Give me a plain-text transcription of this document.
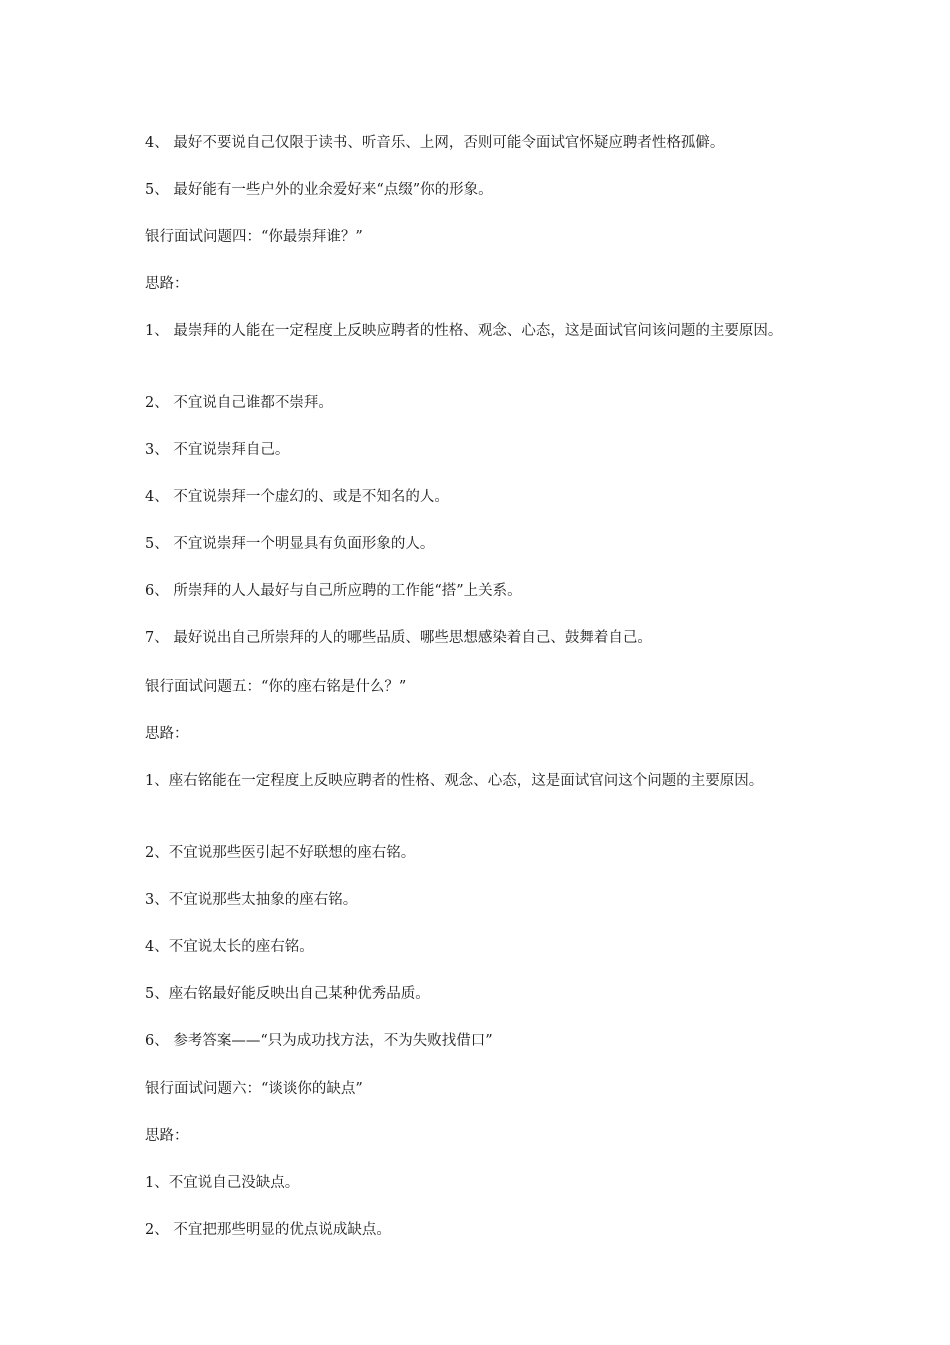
4、 最好不要说自己仅限于读书、听音乐、上网，否则可能令面试官怀疑应聘者性格孤僻。

5、 最好能有一些户外的业余爱好来“点缀”你的形象。

银行面试问题四：“你最崇拜谁？”

思路：

1、 最崇拜的人能在一定程度上反映应聘者的性格、观念、心态，这是面试官问该问题的主要原因。

2、 不宜说自己谁都不崇拜。

3、 不宜说崇拜自己。

4、 不宜说崇拜一个虚幻的、或是不知名的人。

5、 不宜说崇拜一个明显具有负面形象的人。

6、 所崇拜的人人最好与自己所应聘的工作能“搭”上关系。

7、 最好说出自己所崇拜的人的哪些品质、哪些思想感染着自己、鼓舞着自己。

银行面试问题五：“你的座右铭是什么？”

思路：

1、座右铭能在一定程度上反映应聘者的性格、观念、心态，这是面试官问这个问题的主要原因。

2、不宜说那些医引起不好联想的座右铭。

3、不宜说那些太抽象的座右铭。

4、不宜说太长的座右铭。

5、座右铭最好能反映出自己某种优秀品质。

6、 参考答案——“只为成功找方法，不为失败找借口”

银行面试问题六：“谈谈你的缺点”

思路：

1、不宜说自己没缺点。

2、 不宜把那些明显的优点说成缺点。
